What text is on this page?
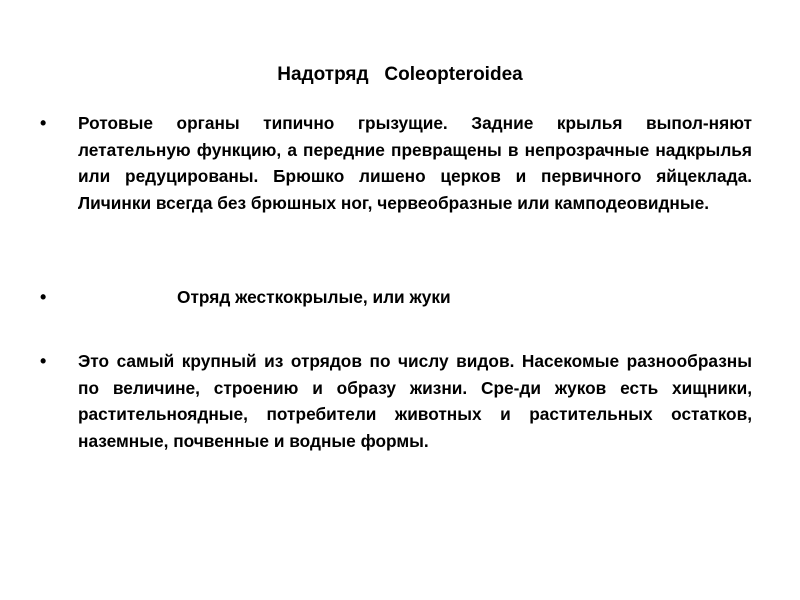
Надотряд   Coleopteroidea
• Ротовые органы типично грызущие. Задние крылья выпол-няют летательную функцию, а передние превращены в непрозрачные надкрылья или редуцированы. Брюшко лишено церков и первичного яйцеклада. Личинки всегда без брюшных ног, червеобразные или камподеовидные.
•	Отряд жесткокрылые, или жуки
• Это самый крупный из отрядов по числу видов. Насекомые разнообразны по величине, строению и образу жизни. Сре-ди жуков есть хищники, растительноядные, потребители животных и растительных остатков, наземные, почвенные и водные формы.
